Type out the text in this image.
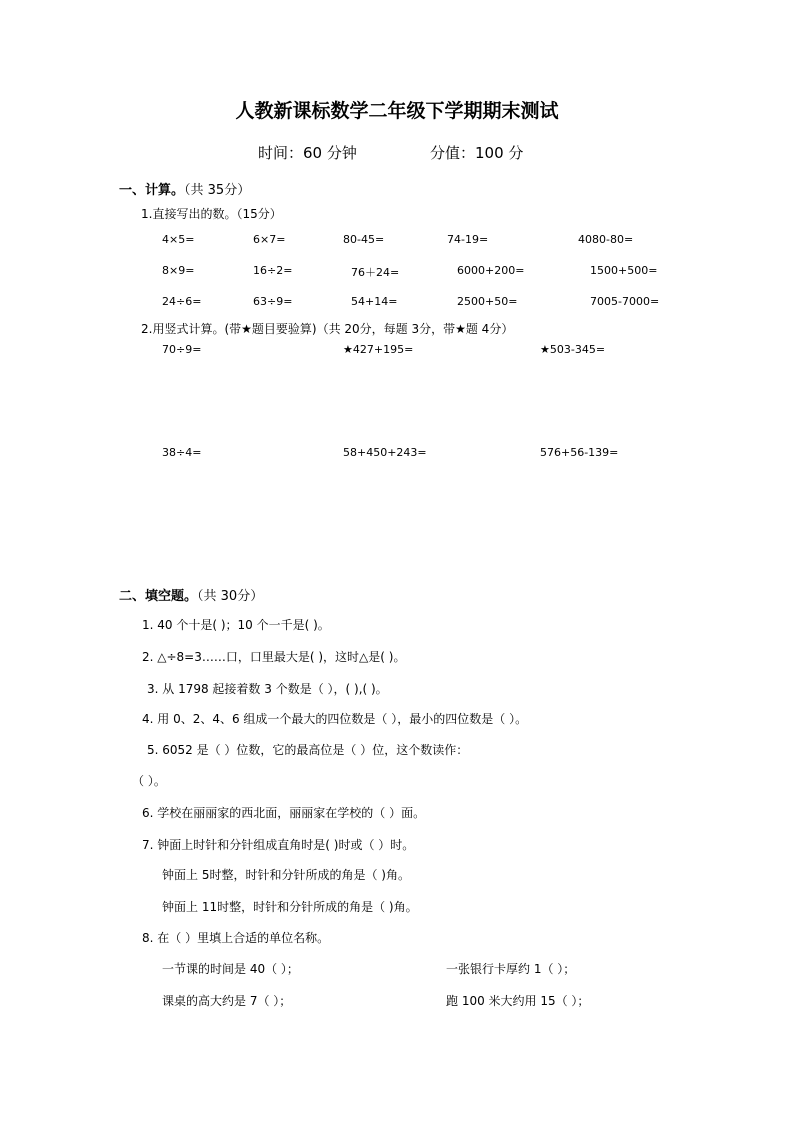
人教新课标数学二年级下学期期末测试
时间：60 分钟	分值：100 分
一、计算。（共 35分）
1.直接写出的数。（15分）
4×5=	6×7=	80-45=	74-19=	4080-80=
8×9=	16÷2=	76＋24=	6000+200=	1500+500=
24÷6=	63÷9=	54+14=	2500+50=	7005-7000=
2.用竖式计算。(带★题目要验算)（共 20分，每题 3分，带★题 4分）
70÷9=	★427+195=	★503-345=
38÷4=	58+450+243=	576+56-139=
二、填空题。（共 30分）
1. 40 个十是( )；10 个一千是( )。
2. △÷8=3……口，口里最大是( )，这时△是( )。
3. 从 1798 起接着数 3 个数是（ ），( ),( )。
4. 用 0、2、4、6 组成一个最大的四位数是（ ），最小的四位数是（ ）。
5. 6052 是（ ）位数，它的最高位是（ ）位，这个数读作：
（ ）。
6. 学校在丽丽家的西北面，丽丽家在学校的（ ）面。
7. 钟面上时针和分针组成直角时是( )时或（ ）时。
钟面上 5时整，时针和分针所成的角是（ )角。
钟面上 11时整，时针和分针所成的角是（ )角。
8. 在（ ）里填上合适的单位名称。
一节课的时间是 40（ ）；	一张银行卡厚约 1（ ）；
课桌的高大约是 7（ ）；	跑 100 米大约用 15（ ）；
